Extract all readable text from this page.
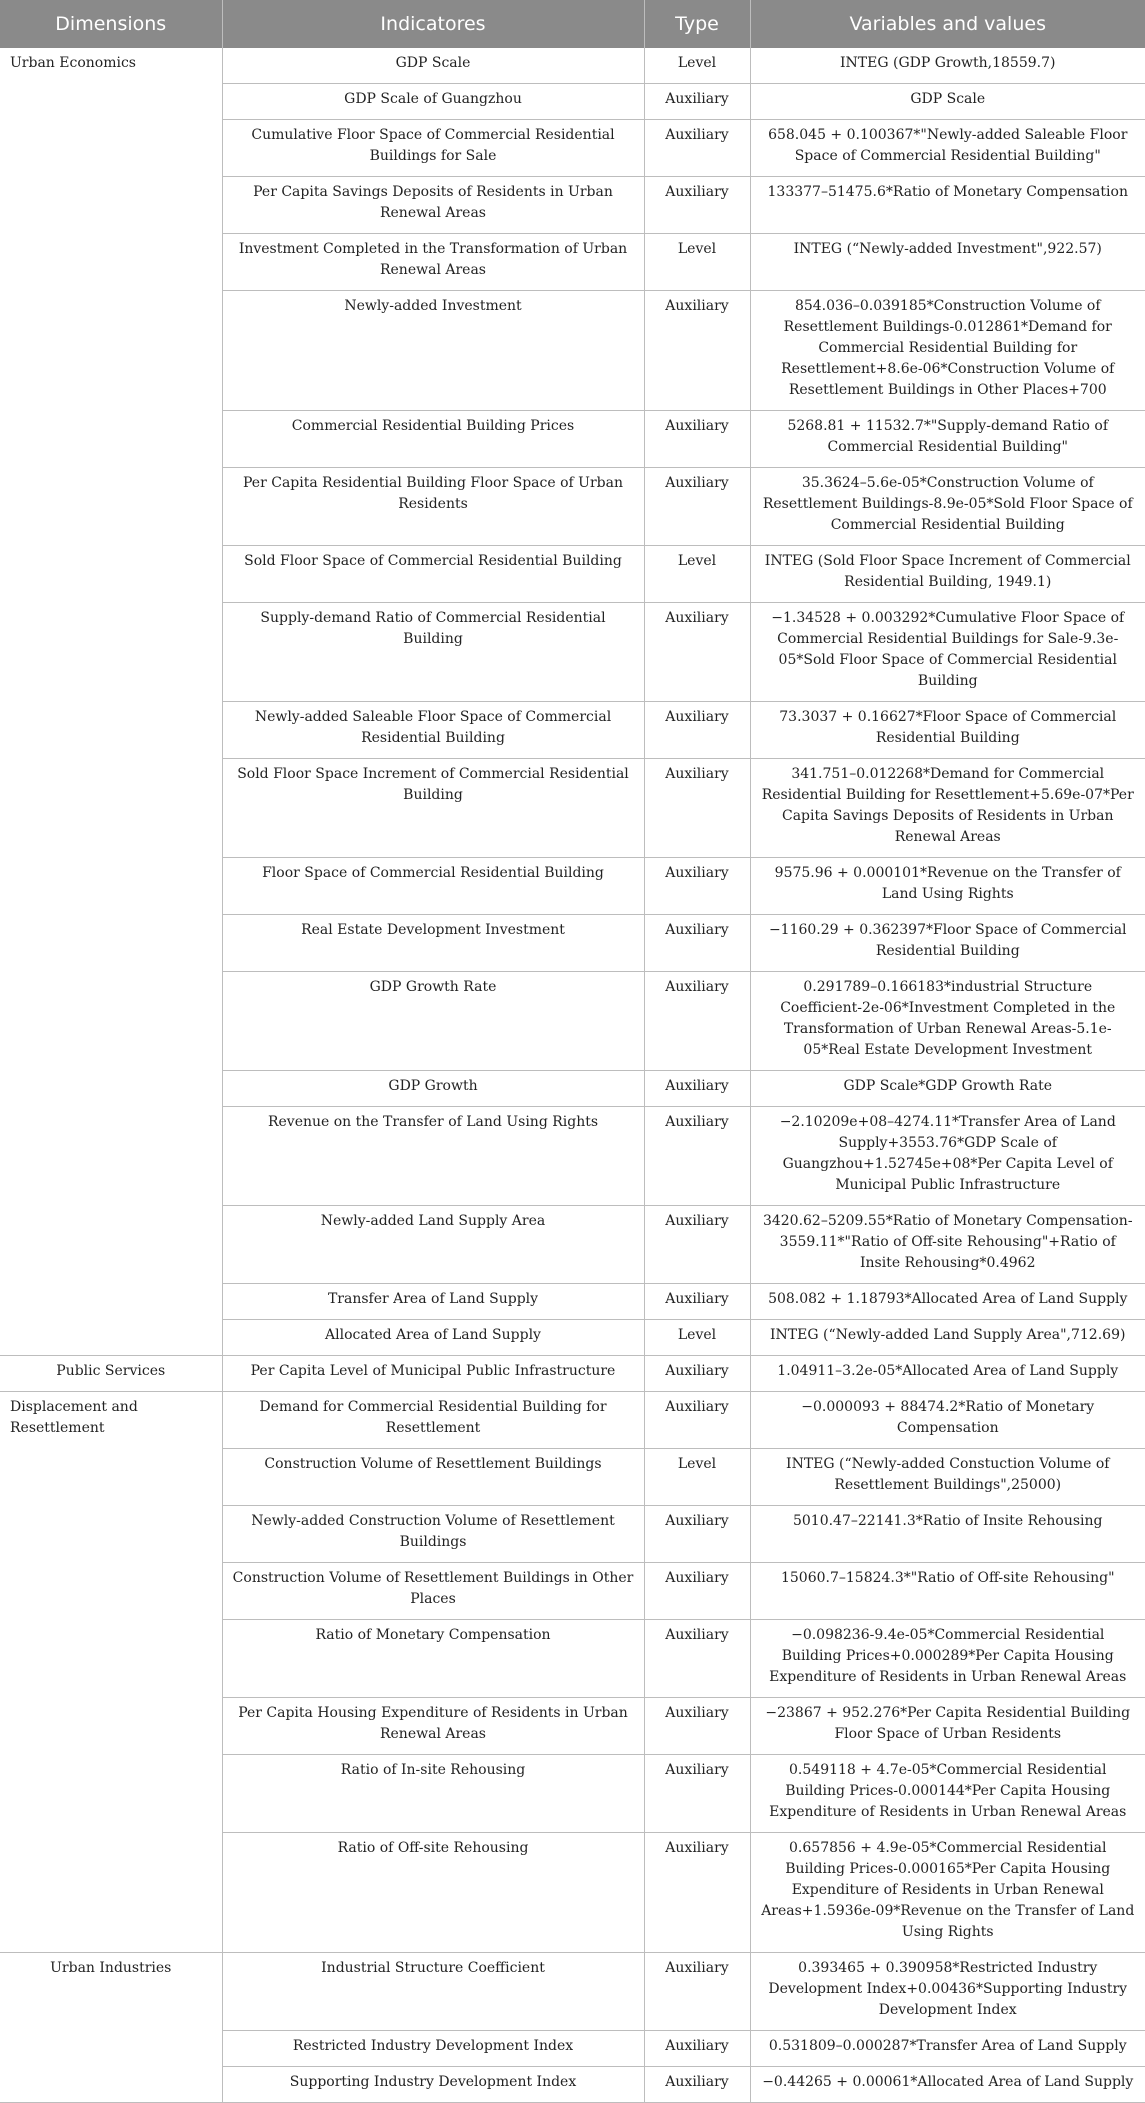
Dimensions	Indicatores	Type	Variables and values
Urban Economics	GDP Scale	Level	INTEG (GDP Growth,18559.7)
	GDP Scale of Guangzhou	Auxiliary	GDP Scale
	Cumulative Floor Space of Commercial Residential Buildings for Sale	Auxiliary	658.045 + 0.100367*"Newly-added Saleable Floor Space of Commercial Residential Building"
	Per Capita Savings Deposits of Residents in Urban Renewal Areas	Auxiliary	133377–51475.6*Ratio of Monetary Compensation
	Investment Completed in the Transformation of Urban Renewal Areas	Level	INTEG (“Newly-added Investment",922.57)
	Newly-added Investment	Auxiliary	854.036–0.039185*Construction Volume of Resettlement Buildings-0.012861*Demand for Commercial Residential Building for Resettlement+8.6e-06*Construction Volume of Resettlement Buildings in Other Places+700
	Commercial Residential Building Prices	Auxiliary	5268.81 + 11532.7*"Supply-demand Ratio of Commercial Residential Building"
	Per Capita Residential Building Floor Space of Urban Residents	Auxiliary	35.3624–5.6e-05*Construction Volume of Resettlement Buildings-8.9e-05*Sold Floor Space of Commercial Residential Building
	Sold Floor Space of Commercial Residential Building	Level	INTEG (Sold Floor Space Increment of Commercial Residential Building, 1949.1)
	Supply-demand Ratio of Commercial Residential Building	Auxiliary	−1.34528 + 0.003292*Cumulative Floor Space of Commercial Residential Buildings for Sale-9.3e-05*Sold Floor Space of Commercial Residential Building
	Newly-added Saleable Floor Space of Commercial Residential Building	Auxiliary	73.3037 + 0.16627*Floor Space of Commercial Residential Building
	Sold Floor Space Increment of Commercial Residential Building	Auxiliary	341.751–0.012268*Demand for Commercial Residential Building for Resettlement+5.69e-07*Per Capita Savings Deposits of Residents in Urban Renewal Areas
	Floor Space of Commercial Residential Building	Auxiliary	9575.96 + 0.000101*Revenue on the Transfer of Land Using Rights
	Real Estate Development Investment	Auxiliary	−1160.29 + 0.362397*Floor Space of Commercial Residential Building
	GDP Growth Rate	Auxiliary	0.291789–0.166183*industrial Structure Coefficient-2e-06*Investment Completed in the Transformation of Urban Renewal Areas-5.1e-05*Real Estate Development Investment
	GDP Growth	Auxiliary	GDP Scale*GDP Growth Rate
	Revenue on the Transfer of Land Using Rights	Auxiliary	−2.10209e+08–4274.11*Transfer Area of Land Supply+3553.76*GDP Scale of Guangzhou+1.52745e+08*Per Capita Level of Municipal Public Infrastructure
	Newly-added Land Supply Area	Auxiliary	3420.62–5209.55*Ratio of Monetary Compensation-3559.11*"Ratio of Off-site Rehousing"+Ratio of Insite Rehousing*0.4962
	Transfer Area of Land Supply	Auxiliary	508.082 + 1.18793*Allocated Area of Land Supply
	Allocated Area of Land Supply	Level	INTEG (“Newly-added Land Supply Area",712.69)
Public Services	Per Capita Level of Municipal Public Infrastructure	Auxiliary	1.04911–3.2e-05*Allocated Area of Land Supply
Displacement and Resettlement	Demand for Commercial Residential Building for Resettlement	Auxiliary	−0.000093 + 88474.2*Ratio of Monetary Compensation
	Construction Volume of Resettlement Buildings	Level	INTEG (“Newly-added Constuction Volume of Resettlement Buildings",25000)
	Newly-added Construction Volume of Resettlement Buildings	Auxiliary	5010.47–22141.3*Ratio of Insite Rehousing
	Construction Volume of Resettlement Buildings in Other Places	Auxiliary	15060.7–15824.3*"Ratio of Off-site Rehousing"
	Ratio of Monetary Compensation	Auxiliary	−0.098236-9.4e-05*Commercial Residential Building Prices+0.000289*Per Capita Housing Expenditure of Residents in Urban Renewal Areas
	Per Capita Housing Expenditure of Residents in Urban Renewal Areas	Auxiliary	−23867 + 952.276*Per Capita Residential Building Floor Space of Urban Residents
	Ratio of In-site Rehousing	Auxiliary	0.549118 + 4.7e-05*Commercial Residential Building Prices-0.000144*Per Capita Housing Expenditure of Residents in Urban Renewal Areas
	Ratio of Off-site Rehousing	Auxiliary	0.657856 + 4.9e-05*Commercial Residential Building Prices-0.000165*Per Capita Housing Expenditure of Residents in Urban Renewal Areas+1.5936e-09*Revenue on the Transfer of Land Using Rights
Urban Industries	Industrial Structure Coefficient	Auxiliary	0.393465 + 0.390958*Restricted Industry Development Index+0.00436*Supporting Industry Development Index
	Restricted Industry Development Index	Auxiliary	0.531809–0.000287*Transfer Area of Land Supply
	Supporting Industry Development Index	Auxiliary	−0.44265 + 0.00061*Allocated Area of Land Supply
